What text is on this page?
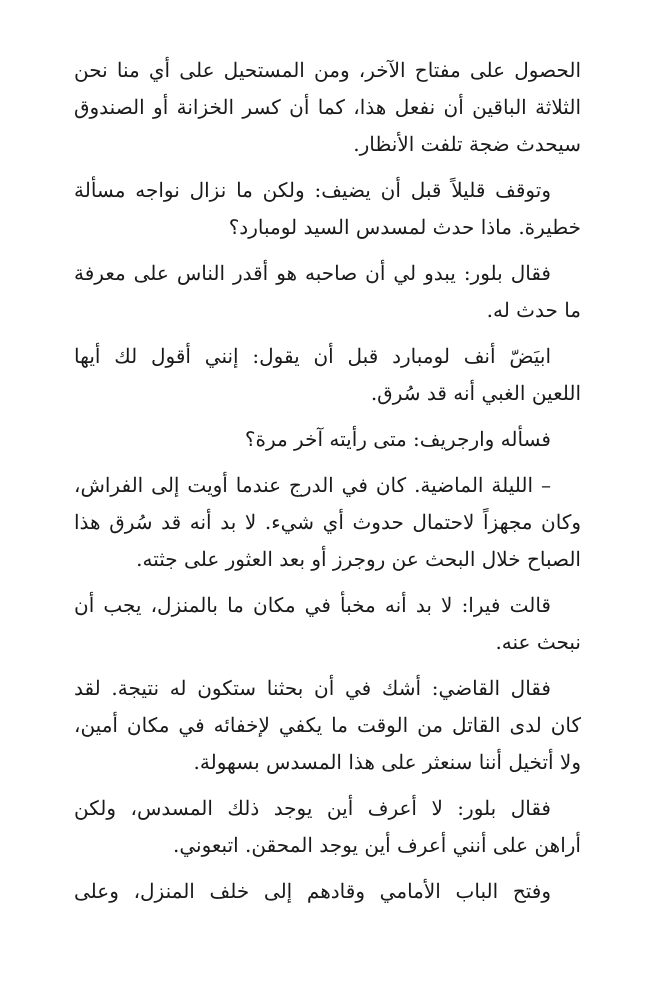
الحصول على مفتاح الآخر، ومن المستحيل على أي منا نحن
الثلاثة الباقين أن نفعل هذا، كما أن كسر الخزانة أو الصندوق
سيحدث ضجة تلفت الأنظار.
وتوقف قليلاً قبل أن يضيف: ولكن ما نزال نواجه مسألة
خطيرة. ماذا حدث لمسدس السيد لومبارد؟
فقال بلور: يبدو لي أن صاحبه هو أقدر الناس على معرفة
ما حدث له.
ابيَضّ أنف لومبارد قبل أن يقول: إنني أقول لك أيها
اللعين الغبي أنه قد سُرق.
فسأله وارجريف: متى رأيته آخر مرة؟
– الليلة الماضية. كان في الدرج عندما أويت إلى الفراش،
وكان مجهزاً لاحتمال حدوث أي شيء. لا بد أنه قد سُرق هذا
الصباح خلال البحث عن روجرز أو بعد العثور على جثته.
قالت فيرا: لا بد أنه مخبأ في مكان ما بالمنزل، يجب أن
نبحث عنه.
فقال القاضي: أشك في أن بحثنا ستكون له نتيجة. لقد
كان لدى القاتل من الوقت ما يكفي لإخفائه في مكان أمين،
ولا أتخيل أننا سنعثر على هذا المسدس بسهولة.
فقال بلور: لا أعرف أين يوجد ذلك المسدس، ولكن
أراهن على أنني أعرف أين يوجد المحقن. اتبعوني.
وفتح الباب الأمامي وقادهم إلى خلف المنزل، وعلى
